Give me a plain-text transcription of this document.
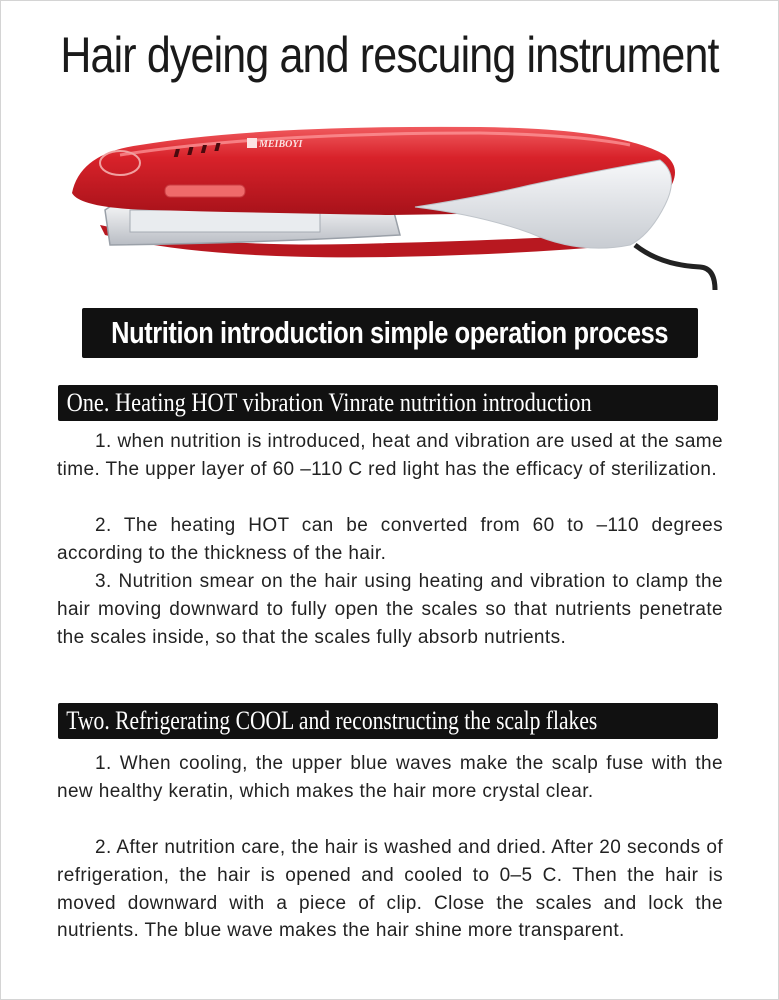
Hair dyeing and rescuing instrument
MEIBOYI
Nutrition introduction simple operation process
One. Heating HOT vibration Vinrate nutrition introduction

1. when nutrition is introduced, heat and vibration are used at the same time. The upper layer of 60 –110 C red light has the efficacy of sterilization.

2. The heating HOT can be converted from 60 to –110 degrees according to the thickness of the hair.

3. Nutrition smear on the hair using heating and vibration to clamp the hair moving downward to fully open the scales so that nutrients penetrate the scales inside, so that the scales fully absorb nutrients.

Two. Refrigerating COOL and reconstructing the scalp flakes

1. When cooling, the upper blue waves make the scalp fuse with the new healthy keratin, which makes the hair more crystal clear.

2. After nutrition care, the hair is washed and dried. After 20 seconds of refrigeration, the hair is opened and cooled to 0–5 C. Then the hair is moved downward with a piece of clip. Close the scales and lock the nutrients. The blue wave makes the hair shine more transparent.
